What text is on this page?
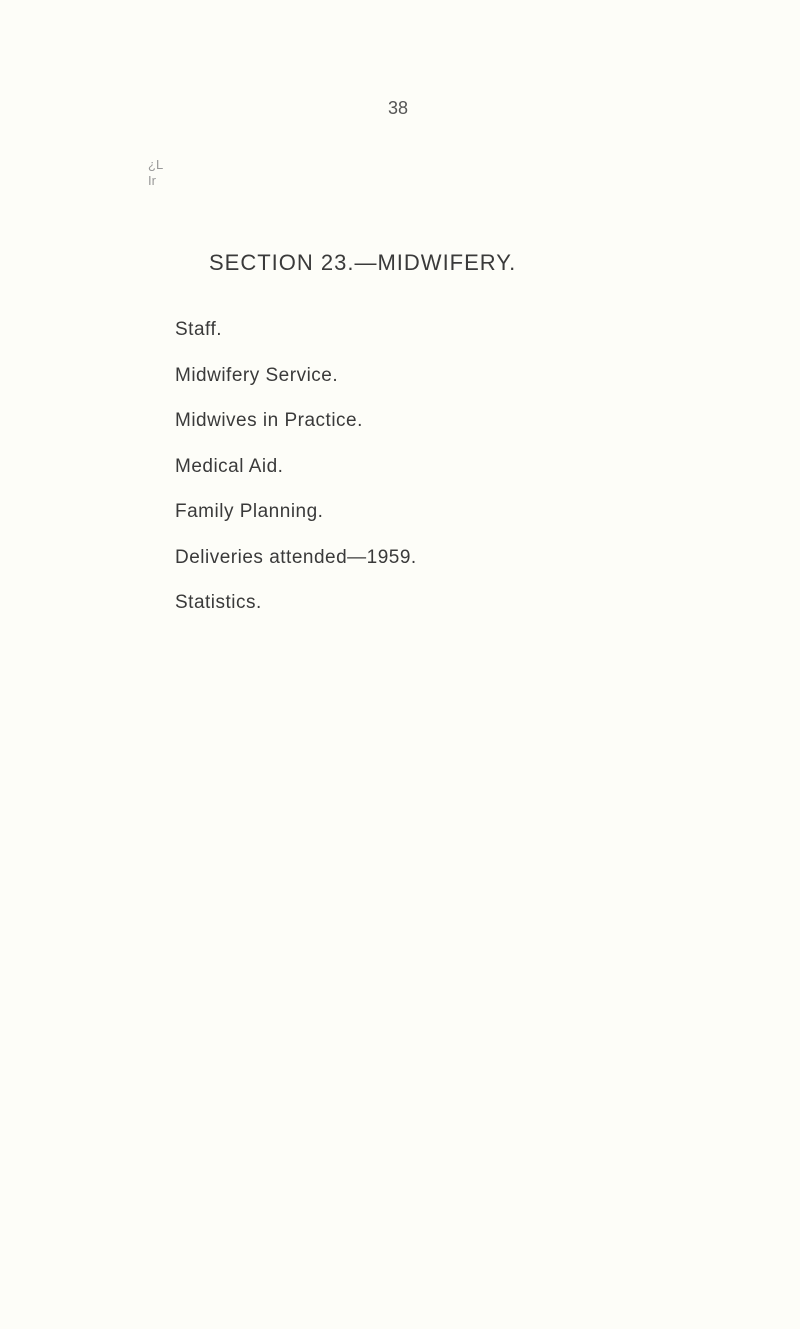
38
¿L
Ir
SECTION 23.—MIDWIFERY.
Staff.
Midwifery Service.
Midwives in Practice.
Medical Aid.
Family Planning.
Deliveries attended—1959.
Statistics.
